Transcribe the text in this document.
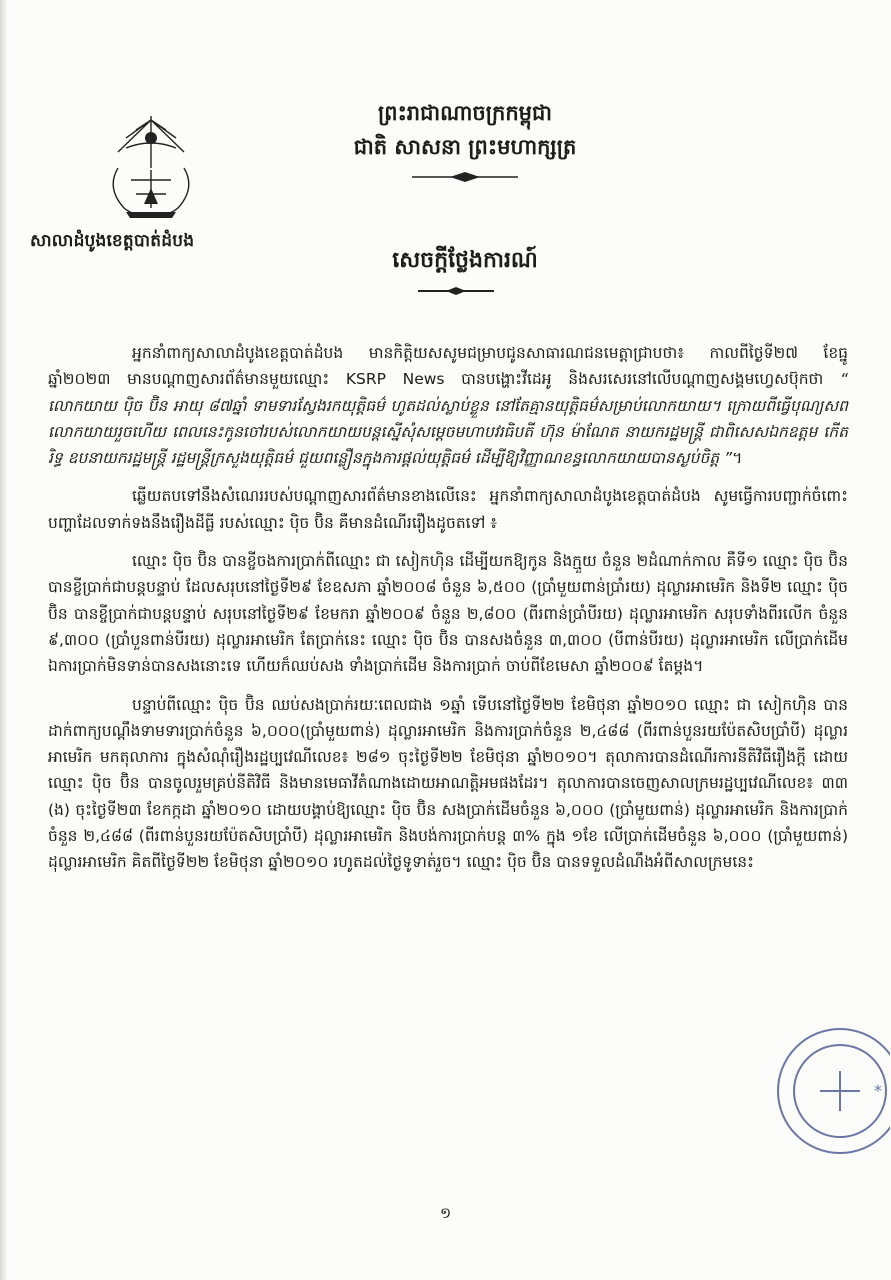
សាលាដំបូងខេត្តបាត់ដំបង
ព្រះរាជាណាចក្រកម្ពុជា
ជាតិ សាសនា ព្រះមហាក្សត្រ
សេចក្តីថ្លែងការណ៍

អ្នកនាំពាក្យសាលាដំបូងខេត្តបាត់ដំបង មានកិត្តិយសសូមជម្រាបជូនសាធារណជនមេត្តាជ្រាបថា៖ កាលពីថ្ងៃទី២៧ ខែធ្នូ ឆ្នាំ២០២៣ មានបណ្តាញសារព័ត៌មានមួយឈ្មោះ KSRP News បានបង្ហោះវីដេអូ និងសរសេរនៅលើបណ្តាញសង្គមហ្វេសប៊ុកថា “ លោកយាយ ប៉ិច ប៊ិន អាយុ ៨៧ឆ្នាំ ទាមទារស្វែងរកយុត្តិធម៌ ហូតដល់ស្លាប់ខ្លួន នៅតែគ្មានយុត្តិធម៌សម្រាប់លោកយាយ។ ក្រោយពីធ្វើបុណ្យសពលោកយាយរួចហើយ ពេលនេះកូនចៅរបស់លោកយាយបន្តស្នើសុំសម្តេចមហាបវរធិបតី ហ៊ុន ម៉ាណែត នាយករដ្ឋមន្ត្រី ជាពិសេសឯកឧត្តម កើត រិទ្ធ ឧបនាយករដ្ឋមន្ត្រី រដ្ឋមន្ត្រីក្រសួងយុត្តិធម៌ ជួយពន្លឿនក្នុងការផ្តល់យុត្តិធម៌ ដើម្បីឱ្យវិញ្ញាណខន្ធលោកយាយបានស្ងប់ចិត្ត ”។

ឆ្លើយតបទៅនឹងសំណេររបស់បណ្តាញសារព័ត៌មានខាងលើនេះ អ្នកនាំពាក្យសាលាដំបូងខេត្តបាត់ដំបង សូមធ្វើការបញ្ជាក់ចំពោះបញ្ហាដែលទាក់ទងនឹងរឿងដីធ្លី របស់ឈ្មោះ ប៉ិច ប៊ិន គឺមានដំណើររឿងដូចតទៅ ៖

ឈ្មោះ ប៉ិច ប៊ិន បានខ្ចីចងការប្រាក់ពីឈ្មោះ ជា សៀកហ៊ិន ដើម្បីយកឱ្យកូន និងក្មួយ ចំនួន ២ដំណាក់កាល គឺទី១ ឈ្មោះ ប៉ិច ប៊ិន បានខ្ចីប្រាក់ជាបន្តបន្ទាប់ ដែលសរុបនៅថ្ងៃទី២៩ ខែឧសភា ឆ្នាំ២០០៨ ចំនួន ៦,៥០០ (ប្រាំមួយពាន់ប្រាំរយ) ដុល្លារអាមេរិក និងទី២ ឈ្មោះ ប៉ិច ប៊ិន បានខ្ចីប្រាក់ជាបន្តបន្ទាប់ សរុបនៅថ្ងៃទី២៩ ខែមករា ឆ្នាំ២០០៩ ចំនួន ២,៨០០ (ពីរពាន់ប្រាំបីរយ) ដុល្លារអាមេរិក សរុបទាំងពីរលើក ចំនួន ៩,៣០០ (ប្រាំបួនពាន់បីរយ) ដុល្លារអាមេរិក តែប្រាក់នេះ ឈ្មោះ ប៉ិច ប៊ិន បានសងចំនួន ៣,៣០០ (បីពាន់បីរយ) ដុល្លារអាមេរិក លើប្រាក់ដើម ឯការប្រាក់មិនទាន់បានសងនោះទេ ហើយក៏ឈប់សង ទាំងប្រាក់ដើម និងការប្រាក់ ចាប់ពីខែមេសា ឆ្នាំ២០០៩ តែម្តង។

បន្ទាប់ពីឈ្មោះ ប៉ិច ប៊ិន ឈប់សងប្រាក់រយៈពេលជាង ១ឆ្នាំ ទើបនៅថ្ងៃទី២២ ខែមិថុនា ឆ្នាំ២០១០ ឈ្មោះ ជា សៀកហ៊ិន បានដាក់ពាក្យបណ្តឹងទាមទារប្រាក់ចំនួន ៦,០០០(ប្រាំមួយពាន់) ដុល្លារអាមេរិក និងការប្រាក់ចំនួន ២,៤៨៨ (ពីរពាន់បួនរយប៉ែតសិបប្រាំបី) ដុល្លារអាមេរិក មកតុលាការ ក្នុងសំណុំរឿងរដ្ឋប្បវេណីលេខ៖ ២៨១ ចុះថ្ងៃទី២២ ខែមិថុនា ឆ្នាំ២០១០។ តុលាការបានដំណើរការនីតិវិធីរឿងក្តី ដោយឈ្មោះ ប៉ិច ប៊ិន បានចូលរួមគ្រប់នីតិវិធី និងមានមេធាវីតំណាងដោយអាណត្តិអមផងដែរ។ តុលាការបានចេញសាលក្រមរដ្ឋប្បវេណីលេខ៖ ៣៣ (ង) ចុះថ្ងៃទី២៣ ខែកក្កដា ឆ្នាំ២០១០ ដោយបង្គាប់ឱ្យឈ្មោះ ប៉ិច ប៊ិន សងប្រាក់ដើមចំនួន ៦,០០០ (ប្រាំមួយពាន់) ដុល្លារអាមេរិក និងការប្រាក់ចំនួន ២,៤៨៨ (ពីរពាន់បួនរយប៉ែតសិបប្រាំបី) ដុល្លារអាមេរិក និងបង់ការប្រាក់បន្ត ៣% ក្នុង ១ខែ លើប្រាក់ដើមចំនួន ៦,០០០ (ប្រាំមួយពាន់) ដុល្លារអាមេរិក គិតពីថ្ងៃទី២២ ខែមិថុនា ឆ្នាំ២០១០ រហូតដល់ថ្ងៃទូទាត់រួច។ ឈ្មោះ ប៉ិច ប៊ិន បានទទួលដំណឹងអំពីសាលក្រមនេះ

*
១
